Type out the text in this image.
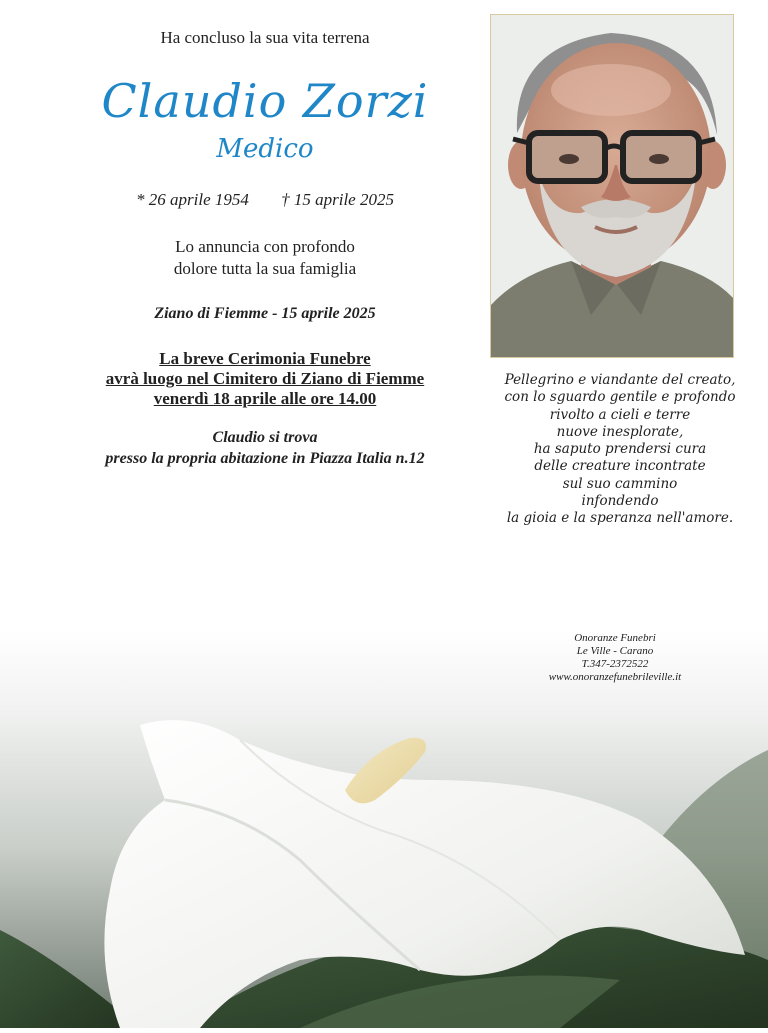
Ha concluso la sua vita terrena
Claudio Zorzi
Medico
* 26 aprile 1954 † 15 aprile 2025
Lo annuncia con profondo
dolore tutta la sua famiglia
Ziano di Fiemme - 15 aprile 2025
La breve Cerimonia Funebre
avrà luogo nel Cimitero di Ziano di Fiemme
venerdì 18 aprile alle ore 14.00
Claudio si trova
presso la propria abitazione in Piazza Italia n.12
Pellegrino e viandante del creato,
con lo sguardo gentile e profondo
rivolto a cieli e terre
nuove inesplorate,
ha saputo prendersi cura
delle creature incontrate
sul suo cammino
infondendo
la gioia e la speranza nell'amore.
Onoranze Funebri
Le Ville - Carano
T.347-2372522
www.onoranzefunebrileville.it
